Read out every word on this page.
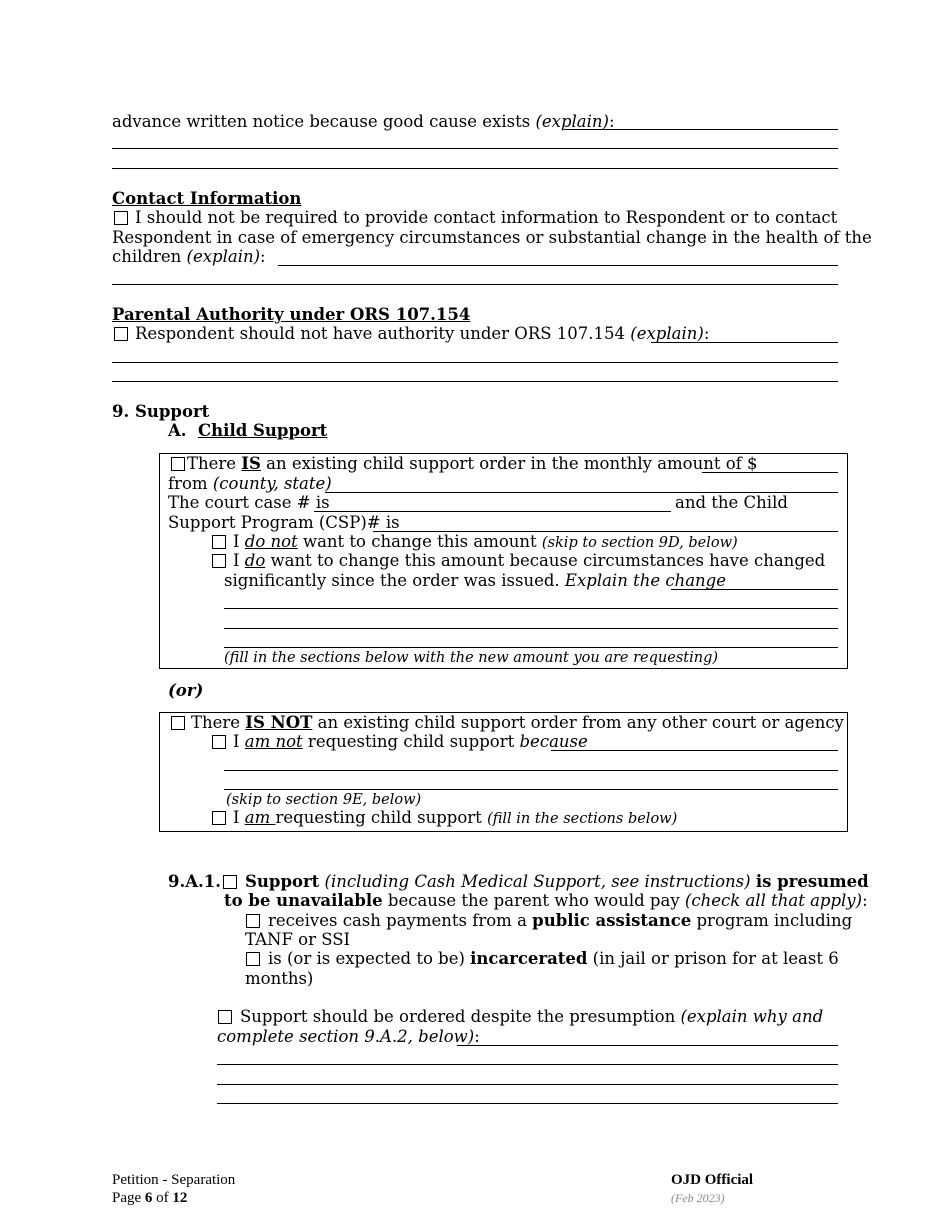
advance written notice because good cause exists (explain):
Contact Information
I should not be required to provide contact information to Respondent or to contact
Respondent in case of emergency circumstances or substantial change in the health of the
children (explain):
Parental Authority under ORS 107.154
Respondent should not have authority under ORS 107.154 (explain):
9. Support
A. Child Support
There IS an existing child support order in the monthly amount of $
from (county, state)
The court case # is	and the Child
Support Program (CSP)# is
I do not want to change this amount (skip to section 9D, below)
I do want to change this amount because circumstances have changed
significantly since the order was issued. Explain the change
(fill in the sections below with the new amount you are requesting)
(or)
There IS NOT an existing child support order from any other court or agency
I am not requesting child support because
(skip to section 9E, below)
I am requesting child support (fill in the sections below)
9.A.1. Support (including Cash Medical Support, see instructions) is presumed
to be unavailable because the parent who would pay (check all that apply):
receives cash payments from a public assistance program including
TANF or SSI
is (or is expected to be) incarcerated (in jail or prison for at least 6
months)
Support should be ordered despite the presumption (explain why and
complete section 9.A.2, below):
Petition - Separation
Page 6 of 12
OJD Official
(Feb 2023)
